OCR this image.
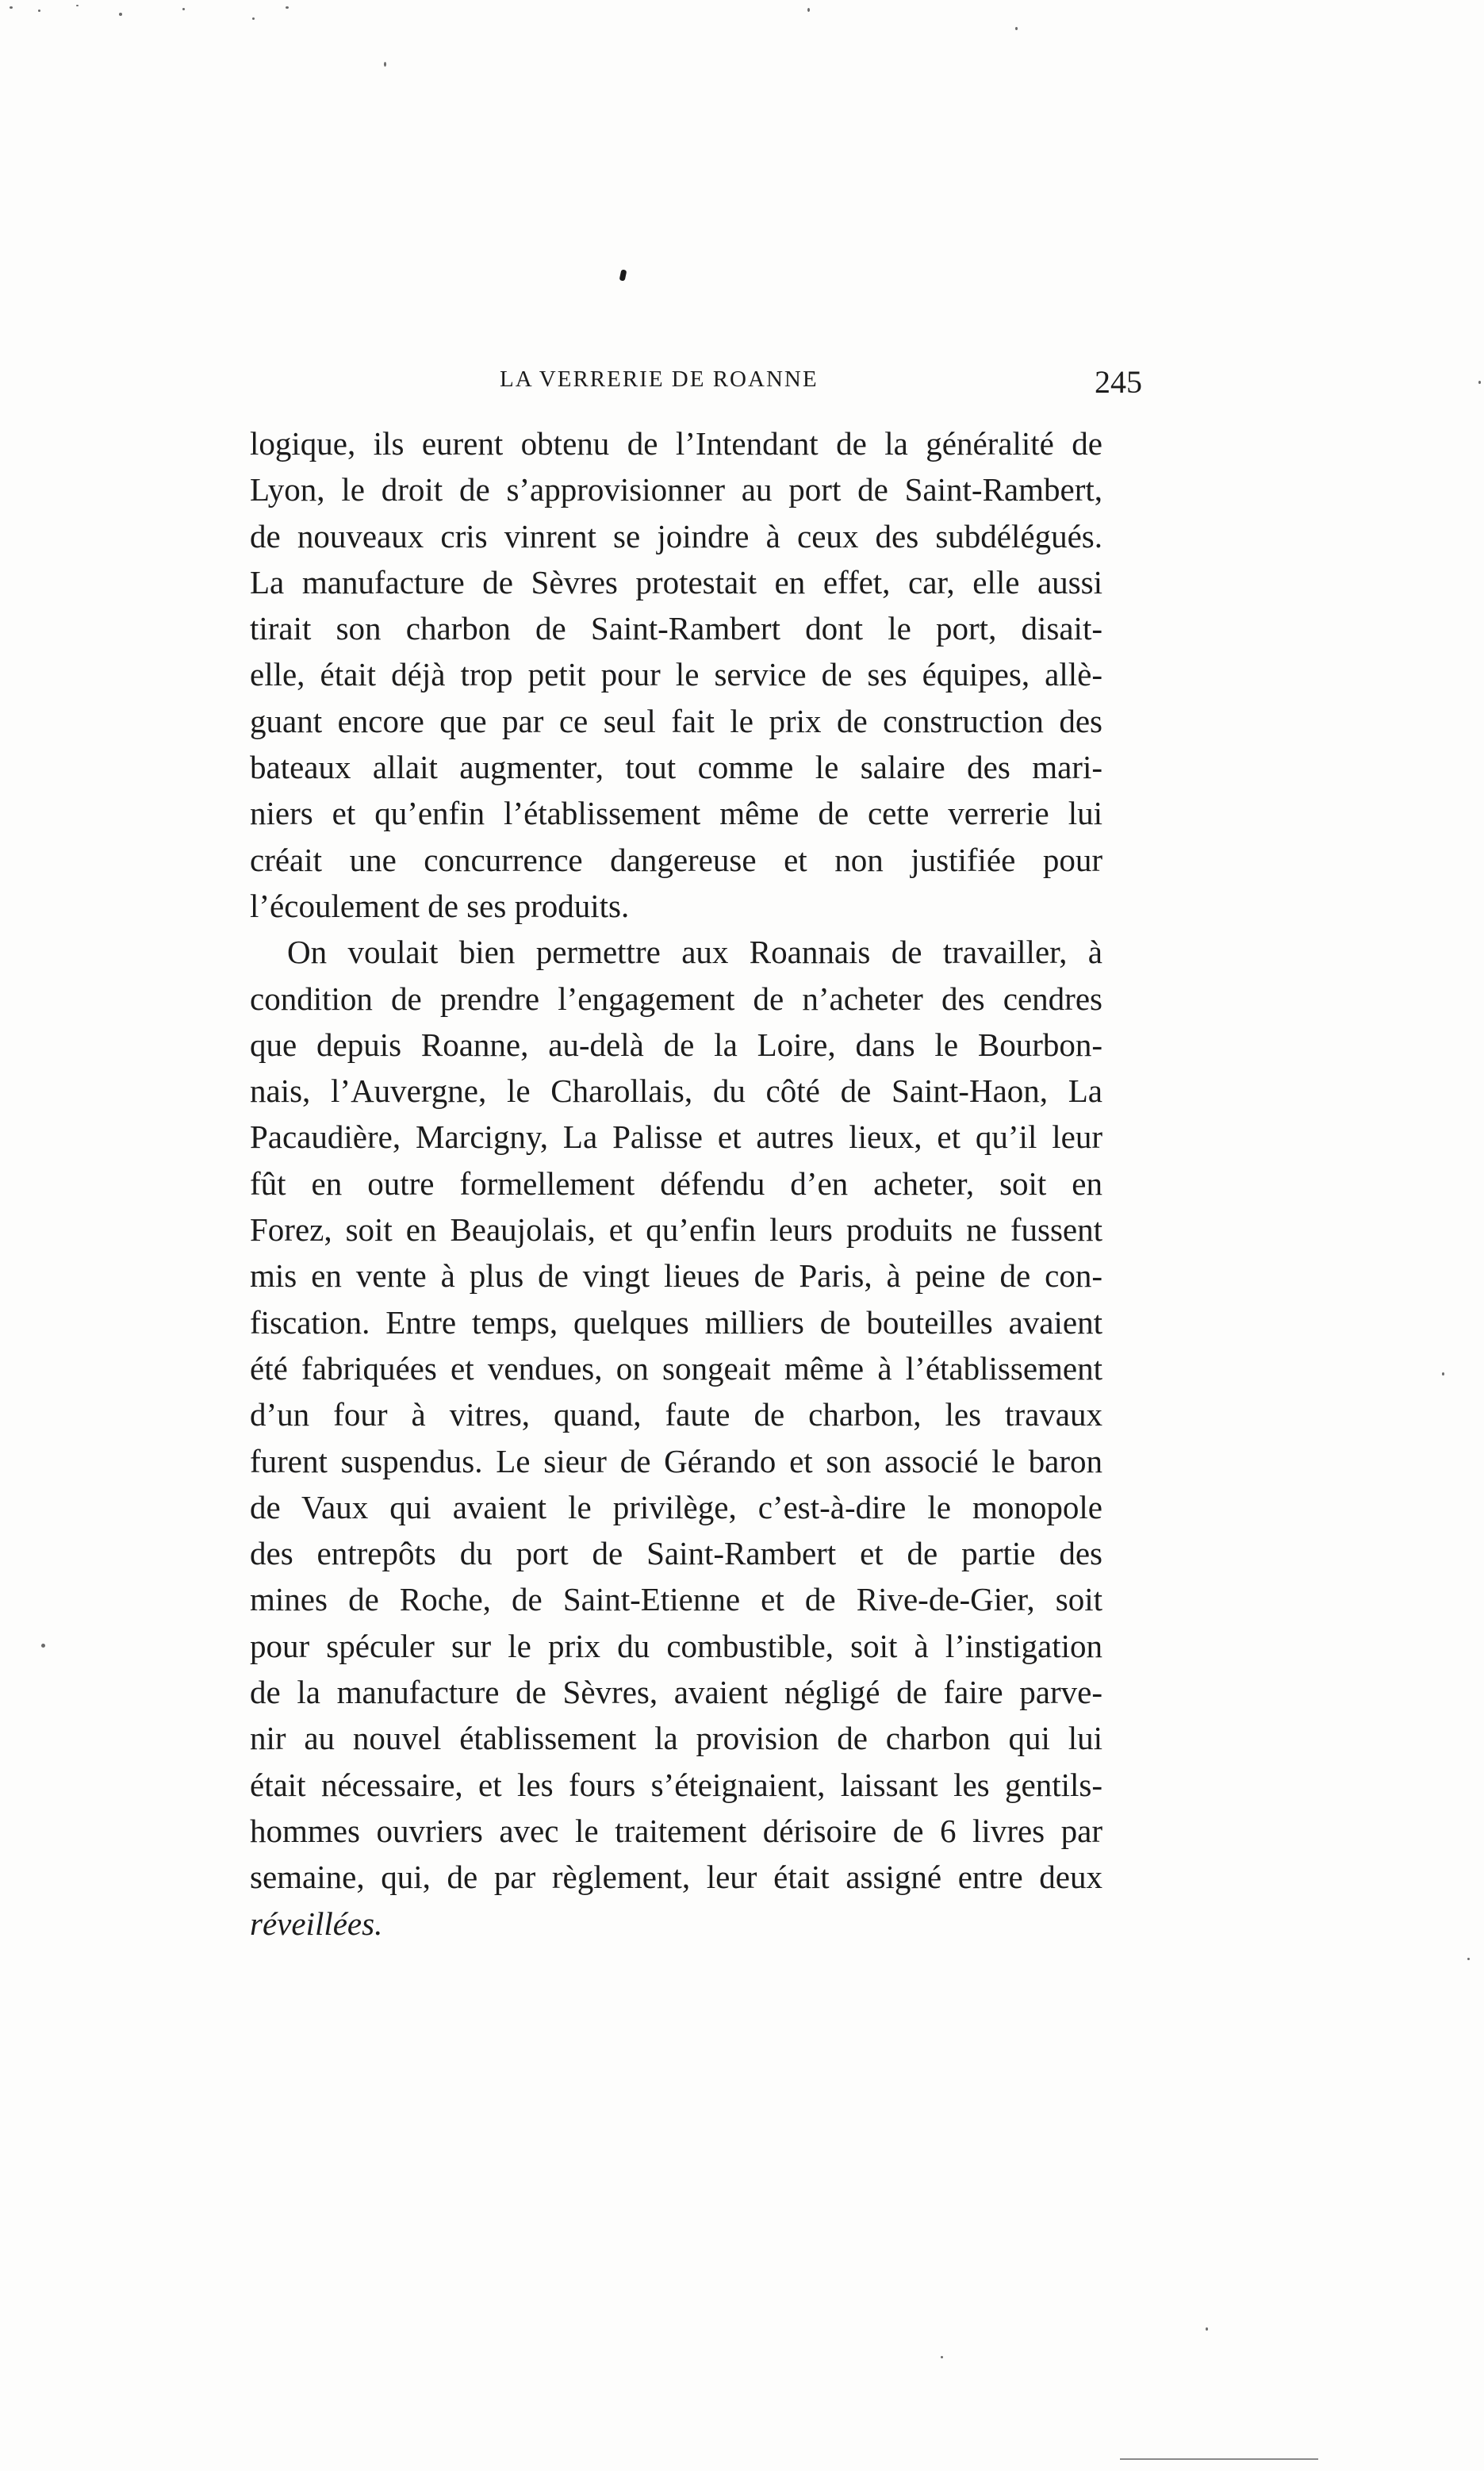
LA VERRERIE DE ROANNE	245
logique, ils eurent obtenu de l’Intendant de la généralité de
Lyon, le droit de s’approvisionner au port de Saint-Rambert,
de nouveaux cris vinrent se joindre à ceux des subdélégués.
La manufacture de Sèvres protestait en effet, car, elle aussi
tirait son charbon de Saint-Rambert dont le port, disait-
elle, était déjà trop petit pour le service de ses équipes, allè-
guant encore que par ce seul fait le prix de construction des
bateaux allait augmenter, tout comme le salaire des mari-
niers et qu’enfin l’établissement même de cette verrerie lui
créait une concurrence dangereuse et non justifiée pour
l’écoulement de ses produits.
On voulait bien permettre aux Roannais de travailler, à
condition de prendre l’engagement de n’acheter des cendres
que depuis Roanne, au-delà de la Loire, dans le Bourbon-
nais, l’Auvergne, le Charollais, du côté de Saint-Haon, La
Pacaudière, Marcigny, La Palisse et autres lieux, et qu’il leur
fût en outre formellement défendu d’en acheter, soit en
Forez, soit en Beaujolais, et qu’enfin leurs produits ne fussent
mis en vente à plus de vingt lieues de Paris, à peine de con-
fiscation. Entre temps, quelques milliers de bouteilles avaient
été fabriquées et vendues, on songeait même à l’établissement
d’un four à vitres, quand, faute de charbon, les travaux
furent suspendus. Le sieur de Gérando et son associé le baron
de Vaux qui avaient le privilège, c’est-à-dire le monopole
des entrepôts du port de Saint-Rambert et de partie des
mines de Roche, de Saint-Etienne et de Rive-de-Gier, soit
pour spéculer sur le prix du combustible, soit à l’instigation
de la manufacture de Sèvres, avaient négligé de faire parve-
nir au nouvel établissement la provision de charbon qui lui
était nécessaire, et les fours s’éteignaient, laissant les gentils-
hommes ouvriers avec le traitement dérisoire de 6 livres par
semaine, qui, de par règlement, leur était assigné entre deux
réveillées.
